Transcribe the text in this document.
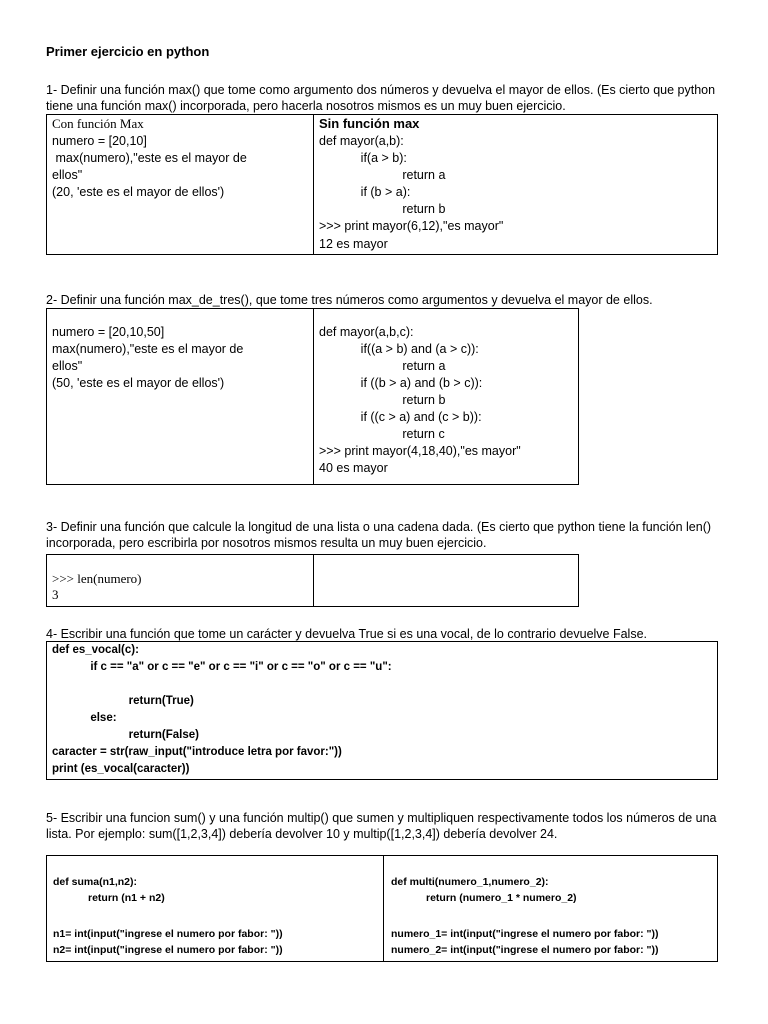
Primer ejercicio en python
1- Definir una función max() que tome como argumento dos números y devuelva el mayor de ellos. (Es cierto que python tiene una función max() incorporada, pero hacerla nosotros mismos es un muy buen ejercicio.
Con función Max
numero = [20,10]
max(numero),"este es el mayor de
ellos"
(20, 'este es el mayor de ellos')
Sin función max
def mayor(a,b):
if(a > b):
return a
if (b > a):
return b
>>> print mayor(6,12),"es mayor"
12 es mayor
2- Definir una función max_de_tres(), que tome tres números como argumentos y devuelva el mayor de ellos.
numero = [20,10,50]
max(numero),"este es el mayor de
ellos"
(50, 'este es el mayor de ellos')
def mayor(a,b,c):
if((a > b) and (a > c)):
return a
if ((b > a) and (b > c)):
return b
if ((c > a) and (c > b)):
return c
>>> print mayor(4,18,40),"es mayor"
40 es mayor
3- Definir una función que calcule la longitud de una lista o una cadena dada. (Es cierto que python tiene la función len() incorporada, pero escribirla por nosotros mismos resulta un muy buen ejercicio.
>>> len(numero)
3
4- Escribir una función que tome un carácter y devuelva True si es una vocal, de lo contrario devuelve False.
def es_vocal(c):
if c == "a" or c == "e" or c == "i" or c == "o" or c == "u":
return(True)
else:
return(False)
caracter = str(raw_input("introduce letra por favor:"))
print (es_vocal(caracter))
5- Escribir una funcion sum() y una función multip() que sumen y multipliquen respectivamente todos los números de una lista. Por ejemplo: sum([1,2,3,4]) debería devolver 10 y multip([1,2,3,4]) debería devolver 24.
def suma(n1,n2):
return (n1 + n2)
n1= int(input("ingrese el numero por fabor: "))
n2= int(input("ingrese el numero por fabor: "))
def multi(numero_1,numero_2):
return (numero_1 * numero_2)
numero_1= int(input("ingrese el numero por fabor: "))
numero_2= int(input("ingrese el numero por fabor: "))
